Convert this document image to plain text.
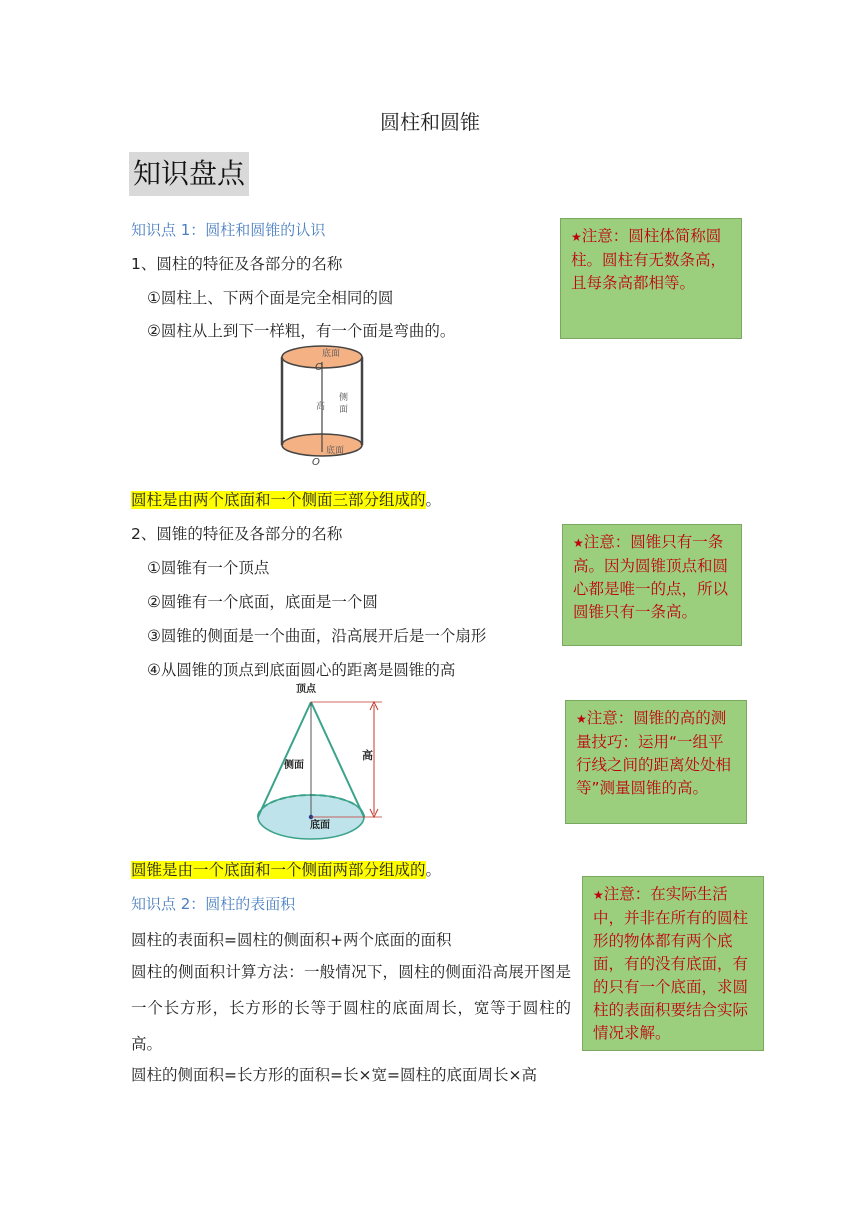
圆柱和圆锥
知识盘点
知识点 1：圆柱和圆锥的认识
1、圆柱的特征及各部分的名称
①圆柱上、下两个面是完全相同的圆
②圆柱从上到下一样粗，有一个面是弯曲的。
底面
O
高
侧
面
底面
O
圆柱是由两个底面和一个侧面三部分组成的。
2、圆锥的特征及各部分的名称
①圆锥有一个顶点
②圆锥有一个底面，底面是一个圆
③圆锥的侧面是一个曲面，沿高展开后是一个扇形
④从圆锥的顶点到底面圆心的距离是圆锥的高
顶点
侧面
高
底面
圆锥是由一个底面和一个侧面两部分组成的。
知识点 2：圆柱的表面积
圆柱的表面积=圆柱的侧面积+两个底面的面积
圆柱的侧面积计算方法：一般情况下，圆柱的侧面沿高展开图是一个长方形，长方形的长等于圆柱的底面周长，宽等于圆柱的高。
圆柱的侧面积=长方形的面积=长×宽=圆柱的底面周长×高
★注意：圆柱体简称圆柱。圆柱有无数条高，且每条高都相等。
★注意：圆锥只有一条高。因为圆锥顶点和圆心都是唯一的点，所以圆锥只有一条高。
★注意：圆锥的高的测量技巧：运用“一组平行线之间的距离处处相等”测量圆锥的高。
★注意：在实际生活中，并非在所有的圆柱形的物体都有两个底面，有的没有底面，有的只有一个底面，求圆柱的表面积要结合实际情况求解。
